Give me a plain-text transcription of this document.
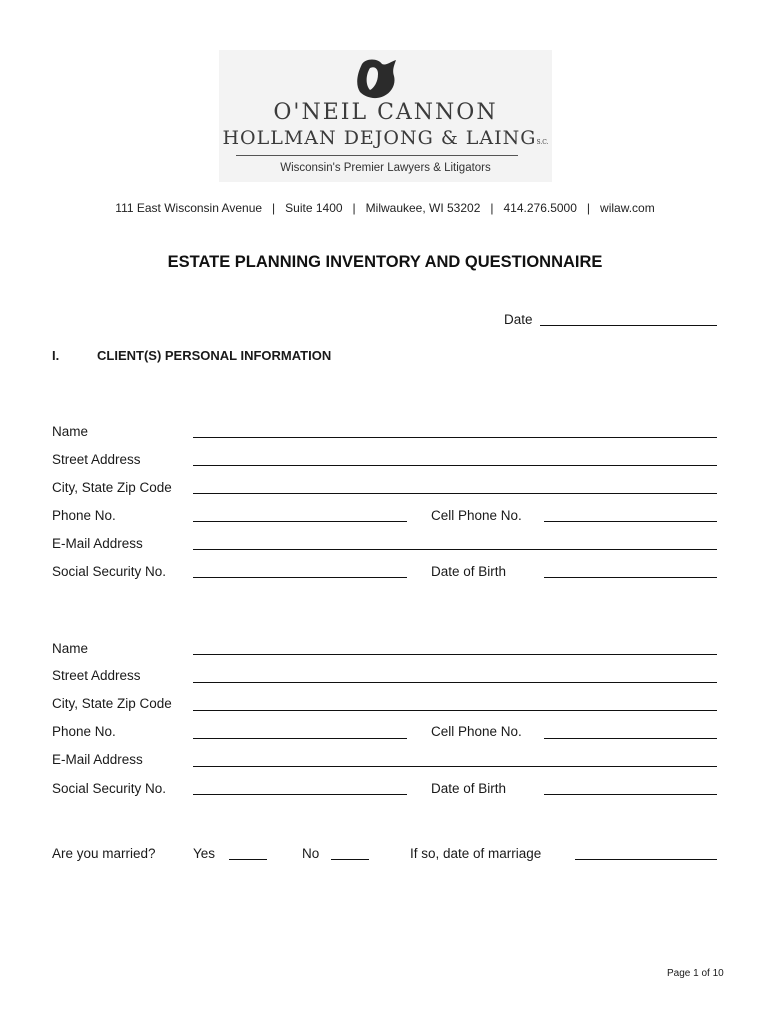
O'NEIL CANNON
HOLLMAN DEJONG & LAINGS.C.
Wisconsin's Premier Lawyers & Litigators
111 East Wisconsin Avenue   |   Suite 1400   |   Milwaukee, WI 53202   |   414.276.5000   |   wilaw.com
ESTATE PLANNING INVENTORY AND QUESTIONNAIRE
Date
I.	CLIENT(S) PERSONAL INFORMATION
Name
Street Address
City, State Zip Code
Phone No.	Cell Phone No.
E-Mail Address
Social Security No.	Date of Birth
Name
Street Address
City, State Zip Code
Phone No.	Cell Phone No.
E-Mail Address
Social Security No.	Date of Birth
Are you married?	Yes	No	If so, date of marriage
Page 1 of 10
